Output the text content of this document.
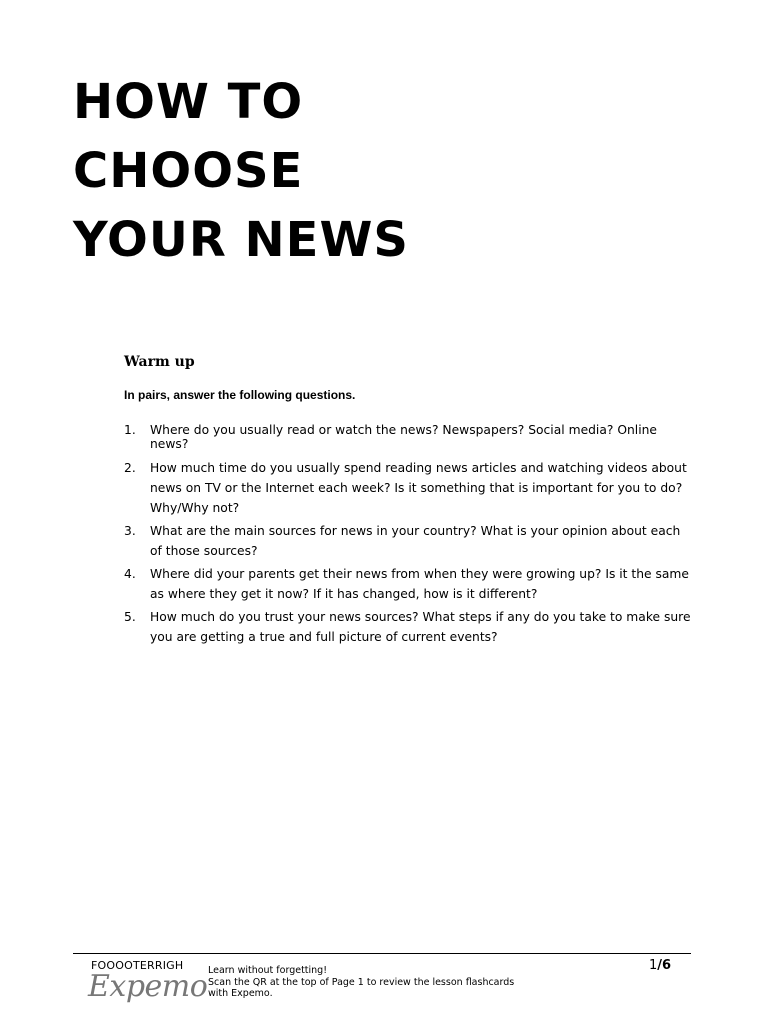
HOW TO
CHOOSE
YOUR NEWS
Warm up

In pairs, answer the following questions.

1. Where do you usually read or watch the news? Newspapers? Social media? Online news?
2. How much time do you usually spend reading news articles and watching videos about news on TV or the Internet each week? Is it something that is important for you to do? Why/Why not?
3. What are the main sources for news in your country? What is your opinion about each of those sources?
4. Where did your parents get their news from when they were growing up? Is it the same as where they get it now? If it has changed, how is it different?
5. How much do you trust your news sources? What steps if any do you take to make sure you are getting a true and full picture of current events?
FOOOOTERRIGH
Expemo Learn without forgetting!
Scan the QR at the top of Page 1 to review the lesson flashcards
with Expemo.
1/6
